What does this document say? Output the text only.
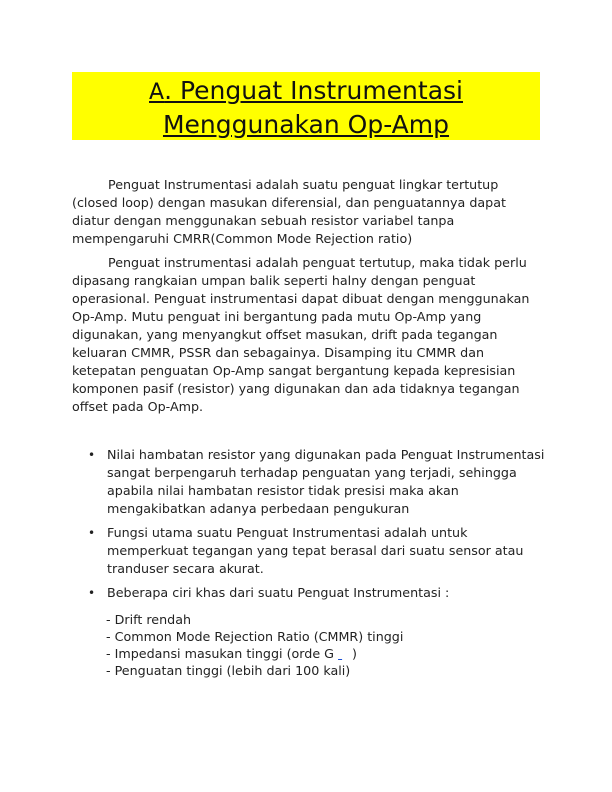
A. Penguat Instrumentasi
Menggunakan Op-Amp

Penguat Instrumentasi adalah suatu penguat lingkar tertutup (closed loop) dengan masukan diferensial, dan penguatannya dapat diatur dengan menggunakan sebuah resistor variabel tanpa mempengaruhi CMRR(Common Mode Rejection ratio)

Penguat instrumentasi adalah penguat tertutup, maka tidak perlu dipasang rangkaian umpan balik seperti halny dengan penguat operasional. Penguat instrumentasi dapat dibuat dengan menggunakan Op-Amp. Mutu penguat ini bergantung pada mutu Op-Amp yang digunakan, yang menyangkut offset masukan, drift pada tegangan keluaran CMMR, PSSR dan sebagainya. Disamping itu CMMR dan ketepatan penguatan Op-Amp sangat bergantung kepada kepresisian komponen pasif (resistor) yang digunakan dan ada tidaknya tegangan offset pada Op-Amp.

• Nilai hambatan resistor yang digunakan pada Penguat Instrumentasi sangat berpengaruh terhadap penguatan yang terjadi, sehingga apabila nilai hambatan resistor tidak presisi maka akan mengakibatkan adanya perbedaan pengukuran
• Fungsi utama suatu Penguat Instrumentasi adalah untuk memperkuat tegangan yang tepat berasal dari suatu sensor atau tranduser secara akurat.
• Beberapa ciri khas dari suatu Penguat Instrumentasi :
- Drift rendah
- Common Mode Rejection Ratio (CMMR) tinggi
- Impedansi masukan tinggi (orde G  )
- Penguatan tinggi (lebih dari 100 kali)
